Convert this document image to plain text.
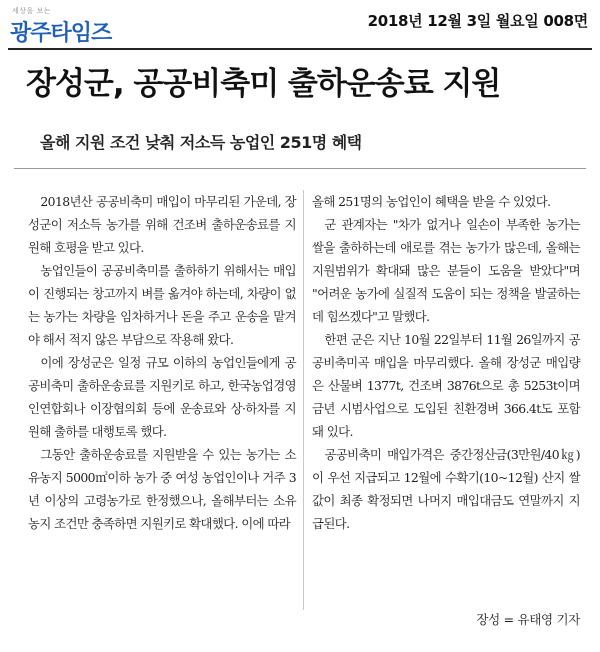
세상을 보는
광주타임즈	2018년 12월 3일 월요일 008면
장성군, 공공비축미 출하운송료 지원
올해 지원 조건 낮춰 저소득 농업인 251명 혜택

2018년산 공공비축미 매입이 마무리된 가운데, 장성군이 저소득 농가를 위해 건조벼 출하운송료를 지원해 호평을 받고 있다.

농업인들이 공공비축미를 출하하기 위해서는 매입이 진행되는 창고까지 벼를 옮겨야 하는데, 차량이 없는 농가는 차량을 임차하거나 돈을 주고 운송을 맡겨야 해서 적지 않은 부담으로 작용해 왔다.

이에 장성군은 일정 규모 이하의 농업인들에게 공공비축미 출하운송료를 지원키로 하고, 한국농업경영인연합회나 이장협의회 등에 운송료와 상·하차를 지원해 출하를 대행토록 했다.

그동안 출하운송료를 지원받을 수 있는 농가는 소유농지 5000㎡이하 농가 중 여성 농업인이나 거주 3년 이상의 고령농가로 한정했으나, 올해부터는 소유농지 조건만 충족하면 지원키로 확대했다. 이에 따라

올해 251명의 농업인이 혜택을 받을 수 있었다.

군 관계자는 "차가 없거나 일손이 부족한 농가는 쌀을 출하하는데 애로를 겪는 농가가 많은데, 올해는 지원범위가 확대돼 많은 분들이 도움을 받았다"며 "어려운 농가에 실질적 도움이 되는 정책을 발굴하는데 힘쓰겠다"고 말했다.

한편 군은 지난 10월 22일부터 11월 26일까지 공공비축미곡 매입을 마무리했다. 올해 장성군 매입량은 산물벼 1377t, 건조벼 3876t으로 총 5253t이며 금년 시범사업으로 도입된 친환경벼 366.4t도 포함돼 있다.

공공비축미 매입가격은 중간정산금(3만원/40㎏)이 우선 지급되고 12월에 수확기(10~12월) 산지 쌀값이 최종 확정되면 나머지 매입대금도 연말까지 지급된다.

장성 = 유태영 기자
